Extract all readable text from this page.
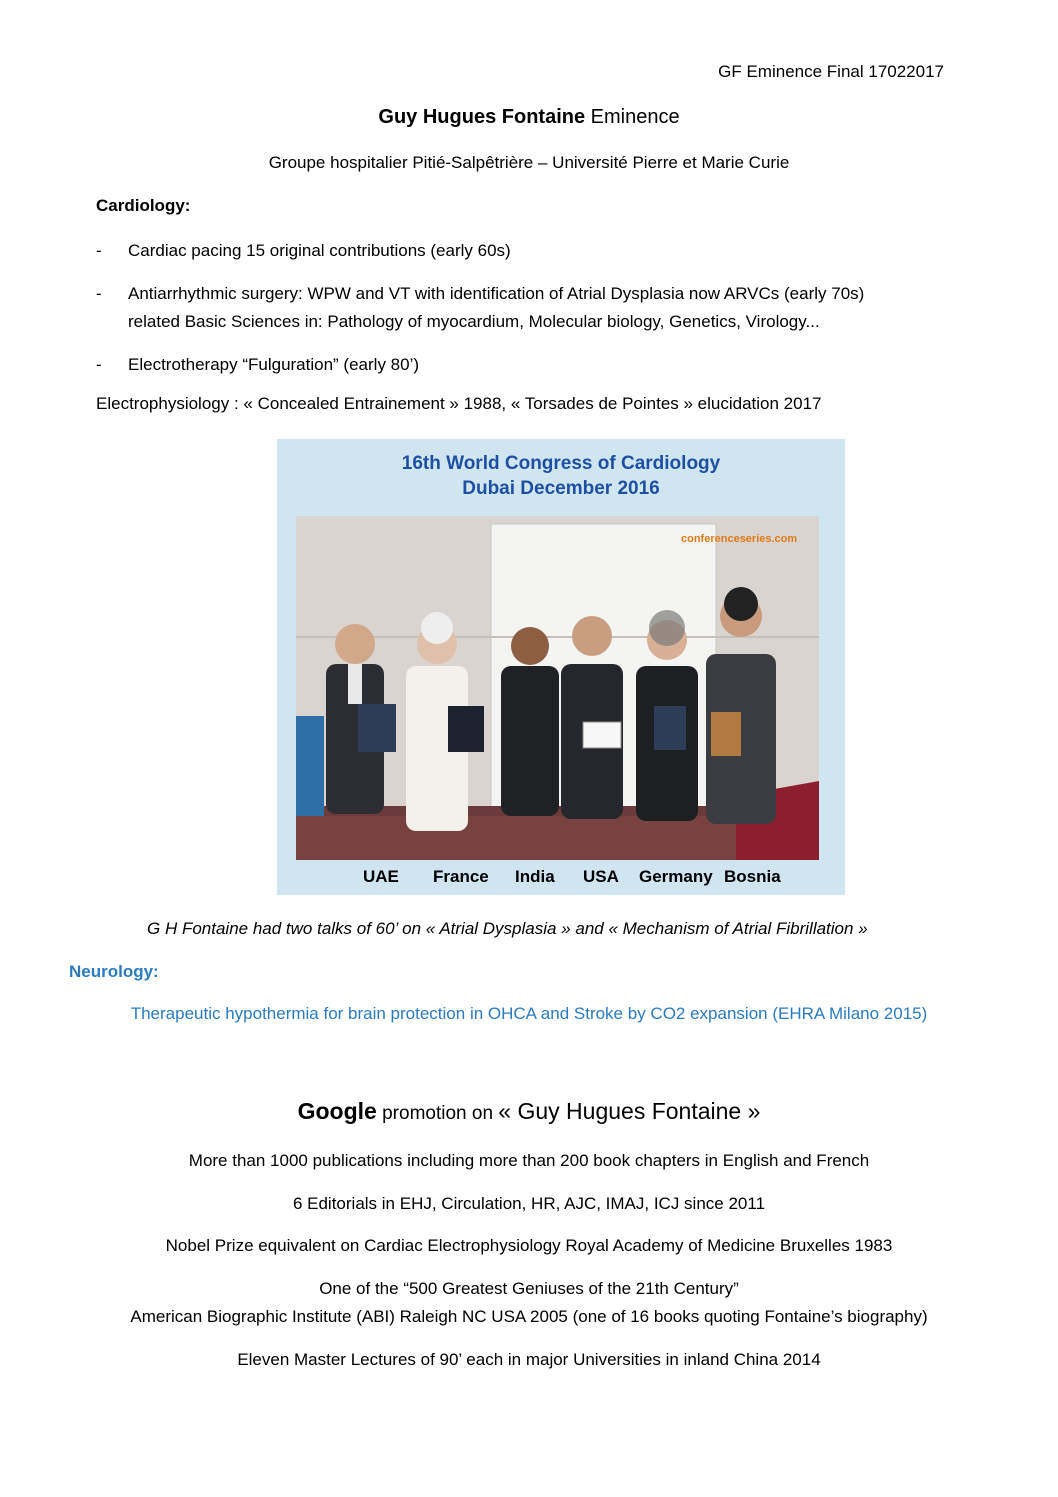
GF Eminence Final 17022017
Guy Hugues Fontaine Eminence
Groupe hospitalier Pitié-Salpêtrière – Université Pierre et Marie Curie
Cardiology:
- Cardiac pacing 15 original contributions (early 60s)
- Antiarrhythmic surgery: WPW and VT with identification of Atrial Dysplasia now ARVCs (early 70s)
related Basic Sciences in: Pathology of myocardium, Molecular biology, Genetics, Virology...
- Electrotherapy “Fulguration” (early 80’)
Electrophysiology : « Concealed Entrainement » 1988, « Torsades de Pointes » elucidation 2017
16th World Congress of Cardiology
Dubai December 2016
conferenceseries.com
UAE France India USA Germany Bosnia
G H Fontaine had two talks of 60’ on « Atrial Dysplasia » and « Mechanism of Atrial Fibrillation »
Neurology:
Therapeutic hypothermia for brain protection in OHCA and Stroke by CO2 expansion (EHRA Milano 2015)
Google promotion on « Guy Hugues Fontaine »
More than 1000 publications including more than 200 book chapters in English and French
6 Editorials in EHJ, Circulation, HR, AJC, IMAJ, ICJ since 2011
Nobel Prize equivalent on Cardiac Electrophysiology Royal Academy of Medicine Bruxelles 1983
One of the “500 Greatest Geniuses of the 21th Century”
American Biographic Institute (ABI) Raleigh NC USA 2005 (one of 16 books quoting Fontaine’s biography)
Eleven Master Lectures of 90’ each in major Universities in inland China 2014
